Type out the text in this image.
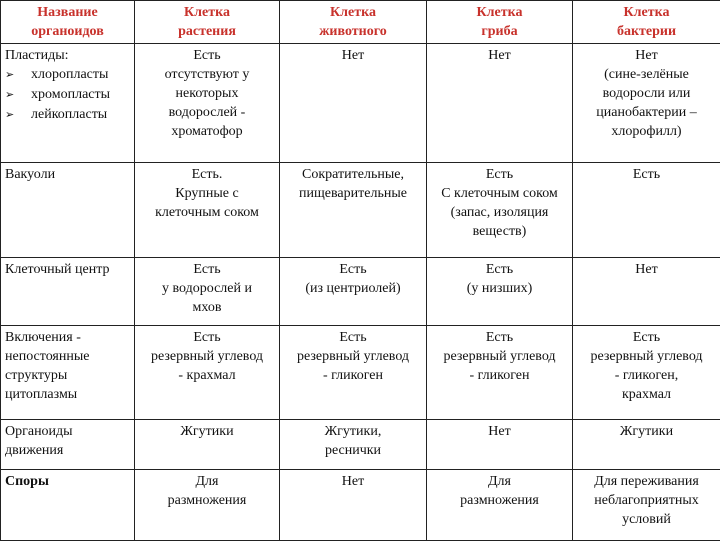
Название
органоидов	Клетка
растения	Клетка
животного	Клетка
гриба	Клетка
бактерии

Пластиды:
➢ хлоропласты
➢ хромопласты
➢ лейкопласты	Есть
отсутствуют у
некоторых
водорослей -
хроматофор	Нет	Нет	Нет
(сине-зелёные
водоросли или
цианобактерии –
хлорофилл)

Вакуоли	Есть.
Крупные с
клеточным соком	Сократительные,
пищеварительные	Есть
С клеточным соком
(запас, изоляция
веществ)	Есть

Клеточный центр	Есть
у водорослей и
мхов	Есть
(из центриолей)	Есть
(у низших)	Нет

Включения -
непостоянные
структуры
цитоплазмы	Есть
резервный углевод
- крахмал	Есть
резервный углевод
- гликоген	Есть
резервный углевод
- гликоген	Есть
резервный углевод
- гликоген,
крахмал

Органоиды
движения	Жгутики	Жгутики,
реснички	Нет	Жгутики

Споры	Для
размножения	Нет	Для
размножения	Для переживания
неблагоприятных
условий
